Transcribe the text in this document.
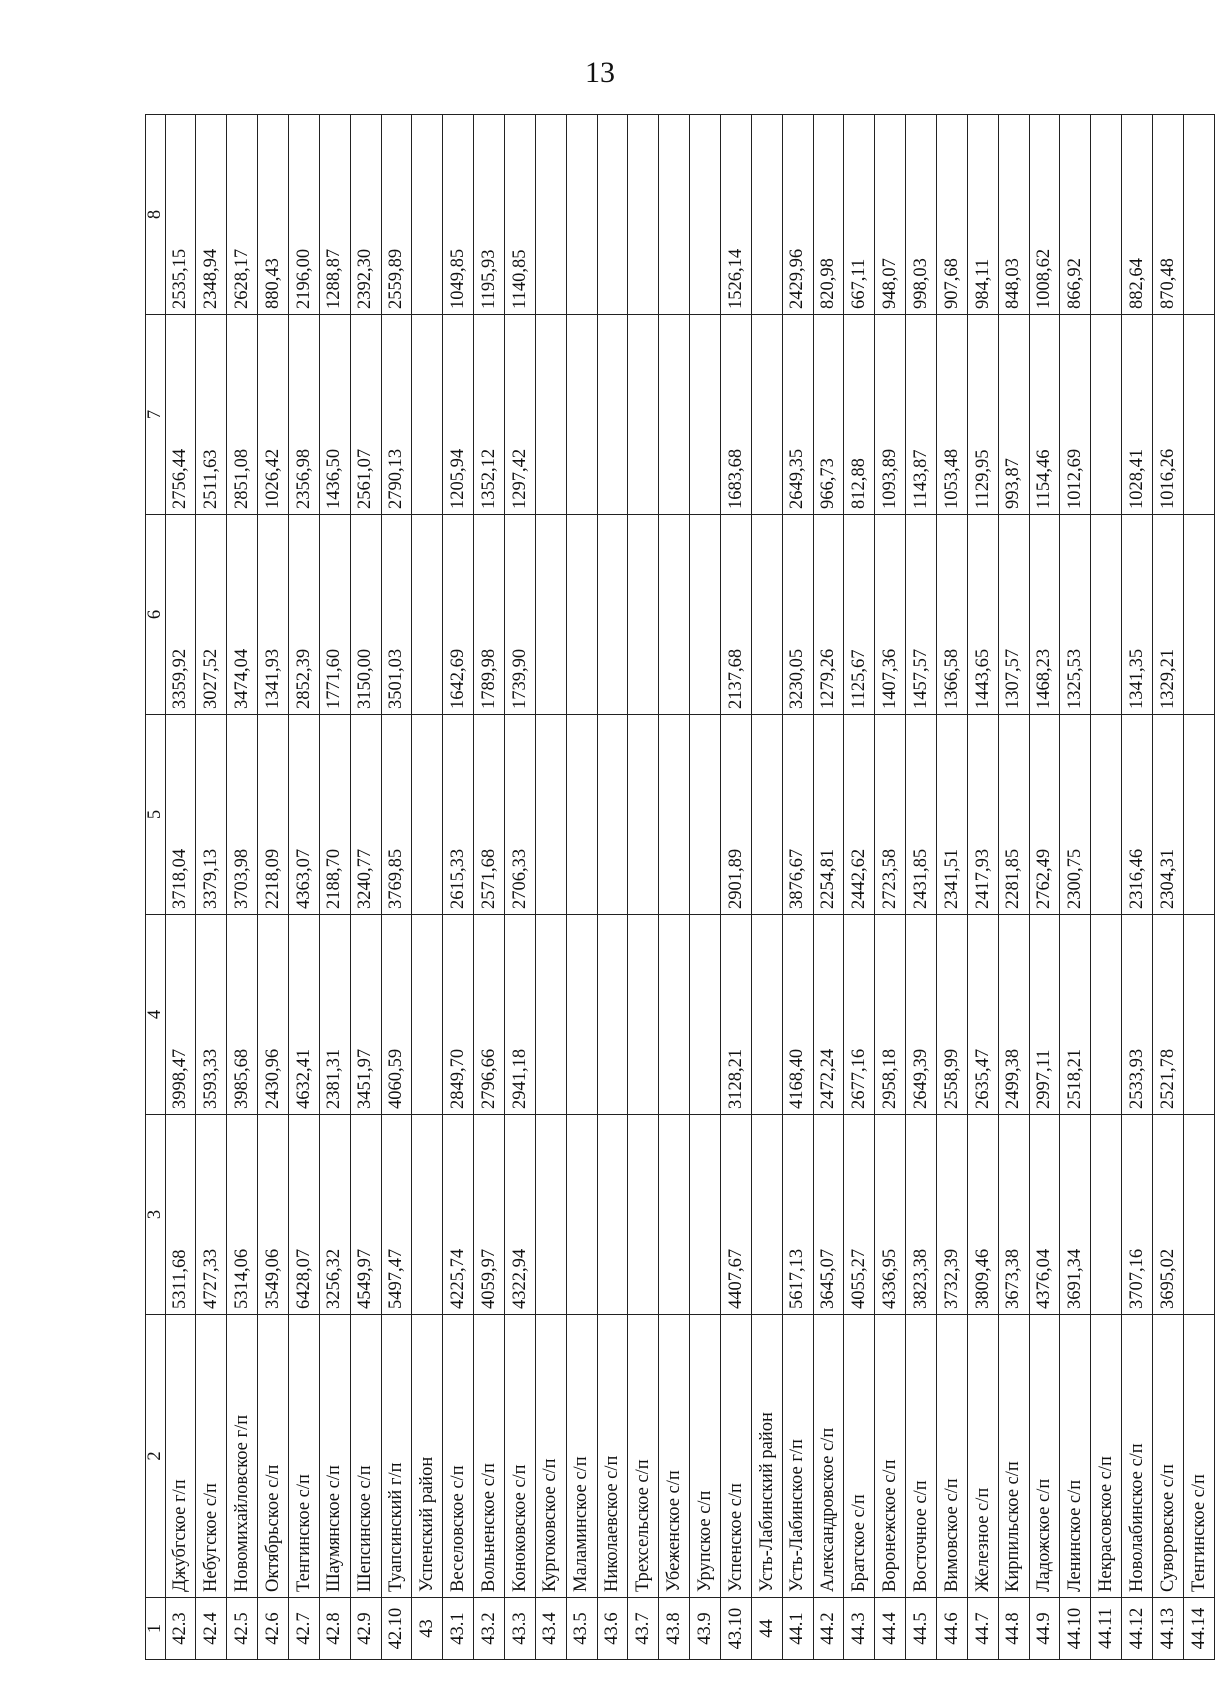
13
1	2	3	4	5	6	7	8
42.3	Джубгское г/п	5311,68	3998,47	3718,04	3359,92	2756,44	2535,15
42.4	Небугское с/п	4727,33	3593,33	3379,13	3027,52	2511,63	2348,94
42.5	Новомихайловское г/п	5314,06	3985,68	3703,98	3474,04	2851,08	2628,17
42.6	Октябрьское с/п	3549,06	2430,96	2218,09	1341,93	1026,42	880,43
42.7	Тенгинское с/п	6428,07	4632,41	4363,07	2852,39	2356,98	2196,00
42.8	Шаумянское с/п	3256,32	2381,31	2188,70	1771,60	1436,50	1288,87
42.9	Шепсинское с/п	4549,97	3451,97	3240,77	3150,00	2561,07	2392,30
42.10	Туапсинский г/п	5497,47	4060,59	3769,85	3501,03	2790,13	2559,89
43	Успенский район						
43.1	Веселовское с/п	4225,74	2849,70	2615,33	1642,69	1205,94	1049,85
43.2	Вольненское с/п	4059,97	2796,66	2571,68	1789,98	1352,12	1195,93
43.3	Коноковское с/п	4322,94	2941,18	2706,33	1739,90	1297,42	1140,85
43.4	Кургоковское с/п						
43.5	Маламинское с/п						
43.6	Николаевское с/п						
43.7	Трехсельское с/п						
43.8	Убеженское с/п						
43.9	Урупское с/п						
43.10	Успенское с/п	4407,67	3128,21	2901,89	2137,68	1683,68	1526,14
44	Усть-Лабинский район						
44.1	Усть-Лабинское г/п	5617,13	4168,40	3876,67	3230,05	2649,35	2429,96
44.2	Александровское с/п	3645,07	2472,24	2254,81	1279,26	966,73	820,98
44.3	Братское с/п	4055,27	2677,16	2442,62	1125,67	812,88	667,11
44.4	Воронежское с/п	4336,95	2958,18	2723,58	1407,36	1093,89	948,07
44.5	Восточное с/п	3823,38	2649,39	2431,85	1457,57	1143,87	998,03
44.6	Вимовское с/п	3732,39	2558,99	2341,51	1366,58	1053,48	907,68
44.7	Железное с/п	3809,46	2635,47	2417,93	1443,65	1129,95	984,11
44.8	Кирпильское с/п	3673,38	2499,38	2281,85	1307,57	993,87	848,03
44.9	Ладожское с/п	4376,04	2997,11	2762,49	1468,23	1154,46	1008,62
44.10	Ленинское с/п	3691,34	2518,21	2300,75	1325,53	1012,69	866,92
44.11	Некрасовское с/п						
44.12	Новолабинское с/п	3707,16	2533,93	2316,46	1341,35	1028,41	882,64
44.13	Суворовское с/п	3695,02	2521,78	2304,31	1329,21	1016,26	870,48
44.14	Тенгинское с/п						
